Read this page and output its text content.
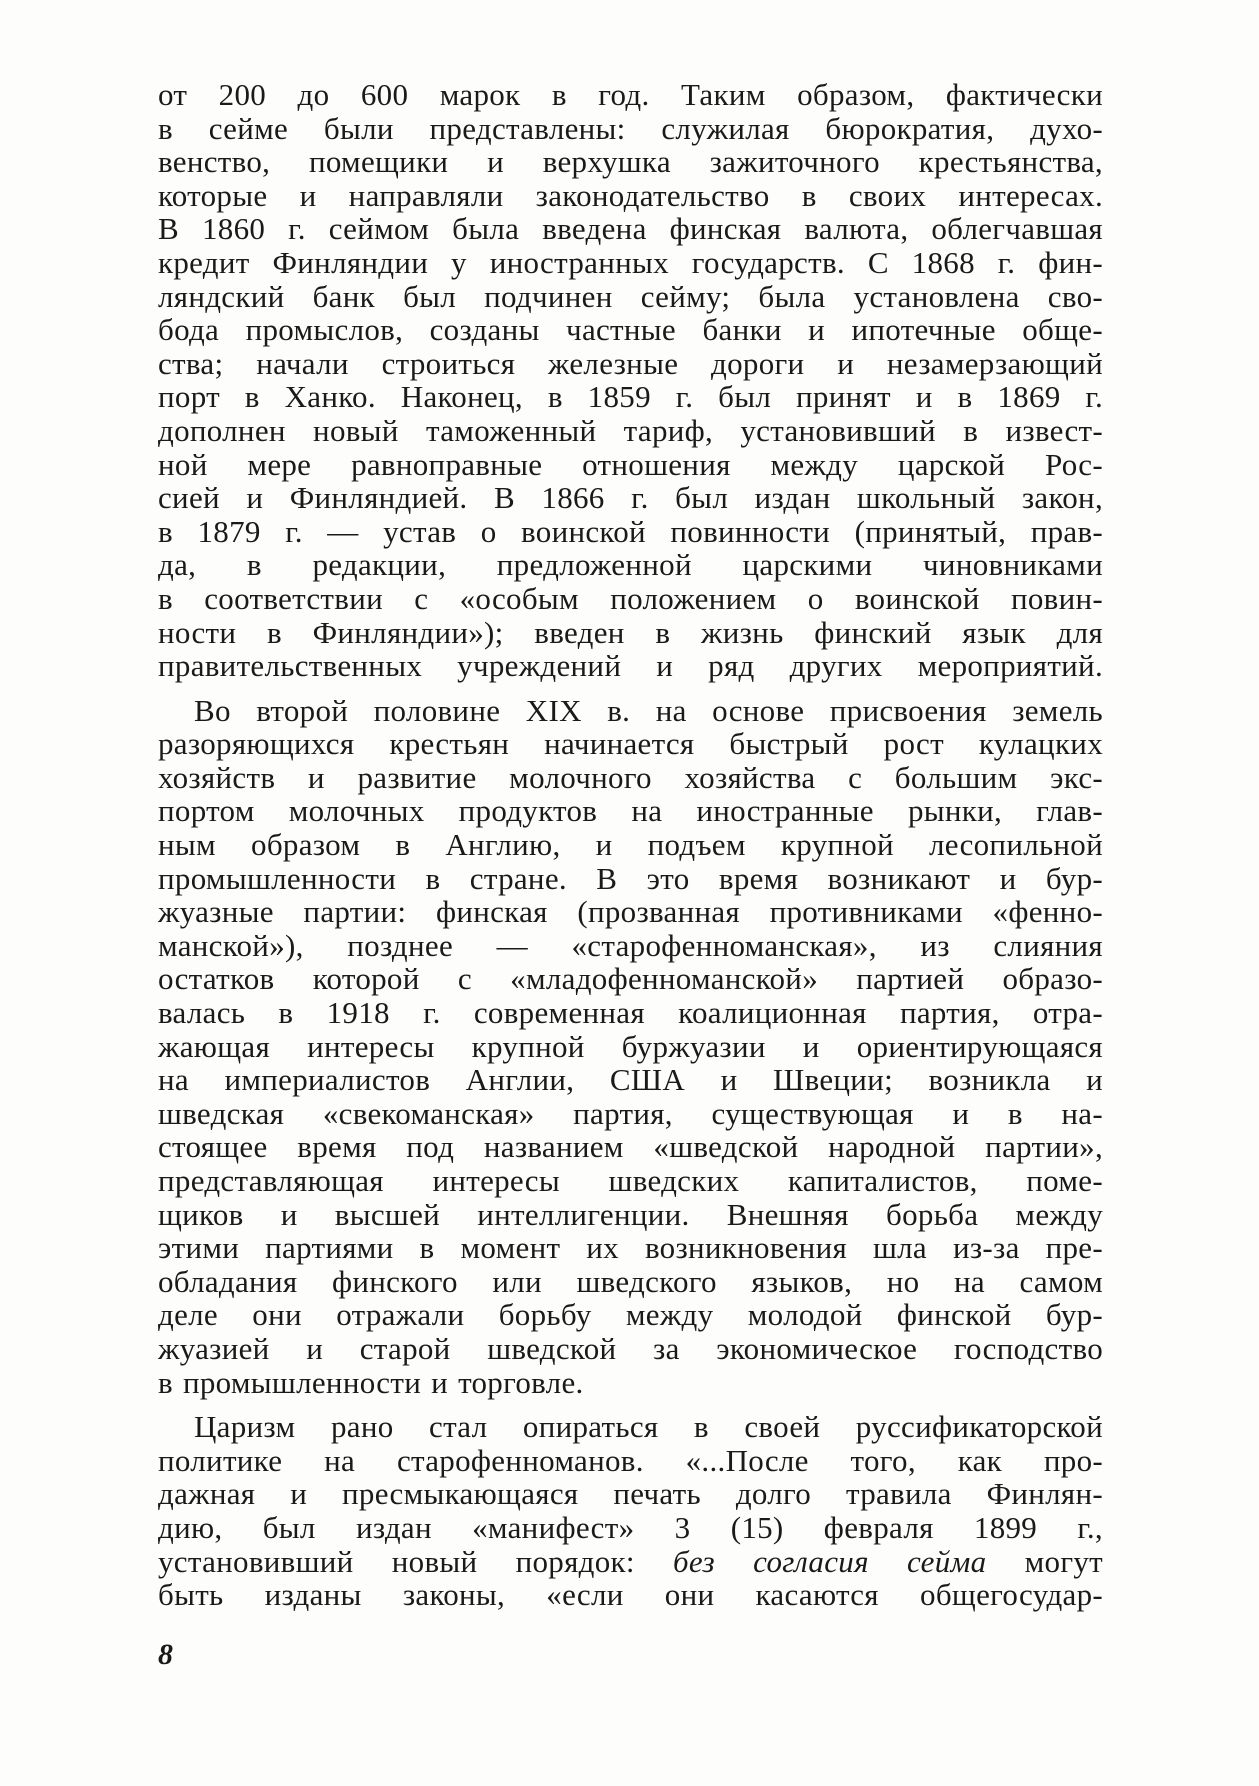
от 200 до 600 марок в год. Таким образом, фактически
в сейме были представлены: служилая бюрократия, духо-
венство, помещики и верхушка зажиточного крестьянства,
которые и направляли законодательство в своих интересах.
В 1860 г. сеймом была введена финская валюта, облегчавшая
кредит Финляндии у иностранных государств. С 1868 г. фин-
ляндский банк был подчинен сейму; была установлена сво-
бода промыслов, созданы частные банки и ипотечные обще-
ства; начали строиться железные дороги и незамерзающий
порт в Ханко. Наконец, в 1859 г. был принят и в 1869 г.
дополнен новый таможенный тариф, установивший в извест-
ной мере равноправные отношения между царской Рос-
сией и Финляндией. В 1866 г. был издан школьный закон,
в 1879 г. — устав о воинской повинности (принятый, прав-
да, в редакции, предложенной царскими чиновниками
в соответствии с «особым положением о воинской повин-
ности в Финляндии»); введен в жизнь финский язык для
правительственных учреждений и ряд других мероприятий.
Во второй половине XIX в. на основе присвоения земель
разоряющихся крестьян начинается быстрый рост кулацких
хозяйств и развитие молочного хозяйства с большим экс-
портом молочных продуктов на иностранные рынки, глав-
ным образом в Англию, и подъем крупной лесопильной
промышленности в стране. В это время возникают и бур-
жуазные партии: финская (прозванная противниками «фенно-
манской»), позднее — «старофенноманская», из слияния
остатков которой с «младофенноманской» партией образо-
валась в 1918 г. современная коалиционная партия, отра-
жающая интересы крупной буржуазии и ориентирующаяся
на империалистов Англии, США и Швеции; возникла и
шведская «свекоманская» партия, существующая и в на-
стоящее время под названием «шведской народной партии»,
представляющая интересы шведских капиталистов, поме-
щиков и высшей интеллигенции. Внешняя борьба между
этими партиями в момент их возникновения шла из-за пре-
обладания финского или шведского языков, но на самом
деле они отражали борьбу между молодой финской бур-
жуазией и старой шведской за экономическое господство
в промышленности и торговле.
Царизм рано стал опираться в своей руссификаторской
политике на старофенноманов. «...После того, как про-
дажная и пресмыкающаяся печать долго травила Финлян-
дию, был издан «манифест» 3 (15) февраля 1899 г.,
установивший новый порядок: без согласия сейма могут
быть изданы законы, «если они касаются общегосудар-
8
